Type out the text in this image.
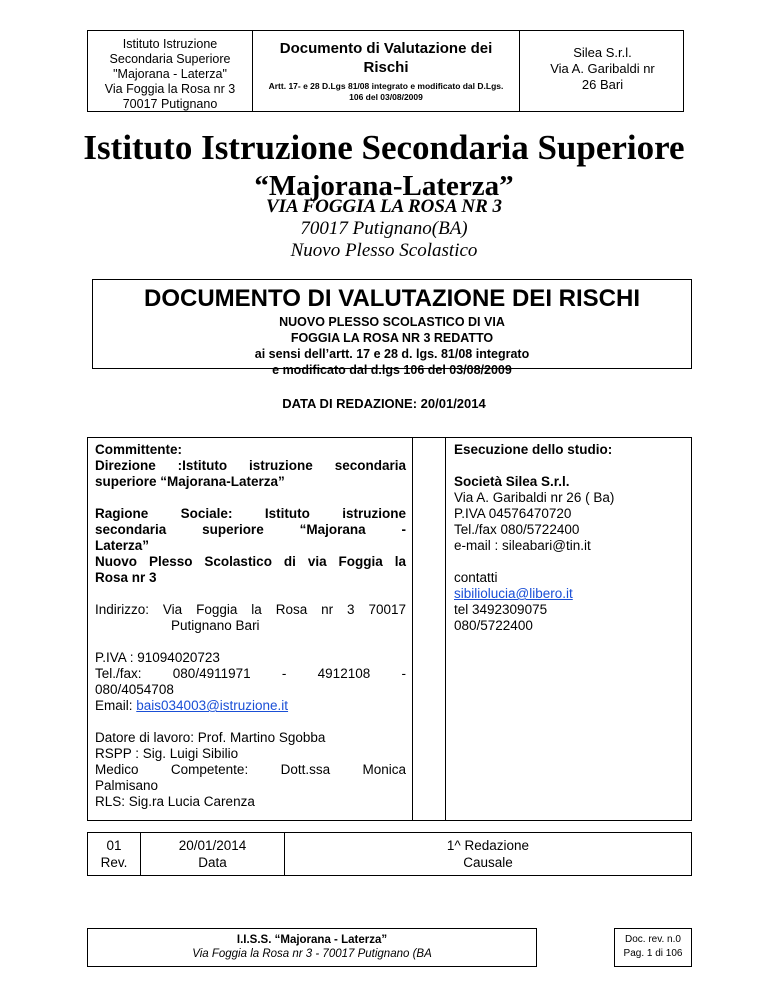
Istituto Istruzione
Secondaria Superiore
"Majorana - Laterza"
Via Foggia la Rosa nr 3
70017 Putignano
Documento di Valutazione dei
Rischi
Artt. 17- e 28 D.Lgs 81/08 integrato e modificato dal D.Lgs.
106 del 03/08/2009
Silea S.r.l.
Via A. Garibaldi nr
26 Bari
Istituto Istruzione Secondaria Superiore
“Majorana-Laterza”
VIA FOGGIA LA ROSA NR 3
70017 Putignano(BA)
Nuovo Plesso Scolastico
DOCUMENTO DI VALUTAZIONE DEI RISCHI
NUOVO PLESSO SCOLASTICO DI VIA
FOGGIA LA ROSA NR 3 REDATTO
ai sensi dell’artt. 17 e 28 d. lgs. 81/08 integrato
e modificato dal d.lgs 106 del 03/08/2009
DATA DI REDAZIONE: 20/01/2014

Committente:

Direzione :Istituto istruzione secondaria

superiore “Majorana-Laterza”

Ragione Sociale: Istituto istruzione

secondaria superiore “Majorana -

Laterza”

Nuovo Plesso Scolastico di via Foggia la

Rosa nr 3

Indirizzo: Via Foggia la Rosa nr 3 70017

Putignano Bari

P.IVA : 91094020723

Tel./fax: 080/4911971 - 4912108 -

080/4054708

Email: bais034003@istruzione.it

Datore di lavoro: Prof. Martino Sgobba

RSPP : Sig. Luigi Sibilio

Medico Competente: Dott.ssa Monica

Palmisano

RLS: Sig.ra Lucia Carenza

Esecuzione dello studio:

Società Silea S.r.l.

Via A. Garibaldi nr 26 ( Ba)

P.IVA 04576470720

Tel./fax 080/5722400

e-mail : sileabari@tin.it

contatti

sibiliolucia@libero.it

tel 3492309075

080/5722400

01
Rev.
20/01/2014
Data
1^ Redazione
Causale
I.I.S.S. “Majorana - Laterza”
Via Foggia la Rosa nr 3 - 70017 Putignano (BA
Doc. rev. n.0
Pag. 1 di 106
